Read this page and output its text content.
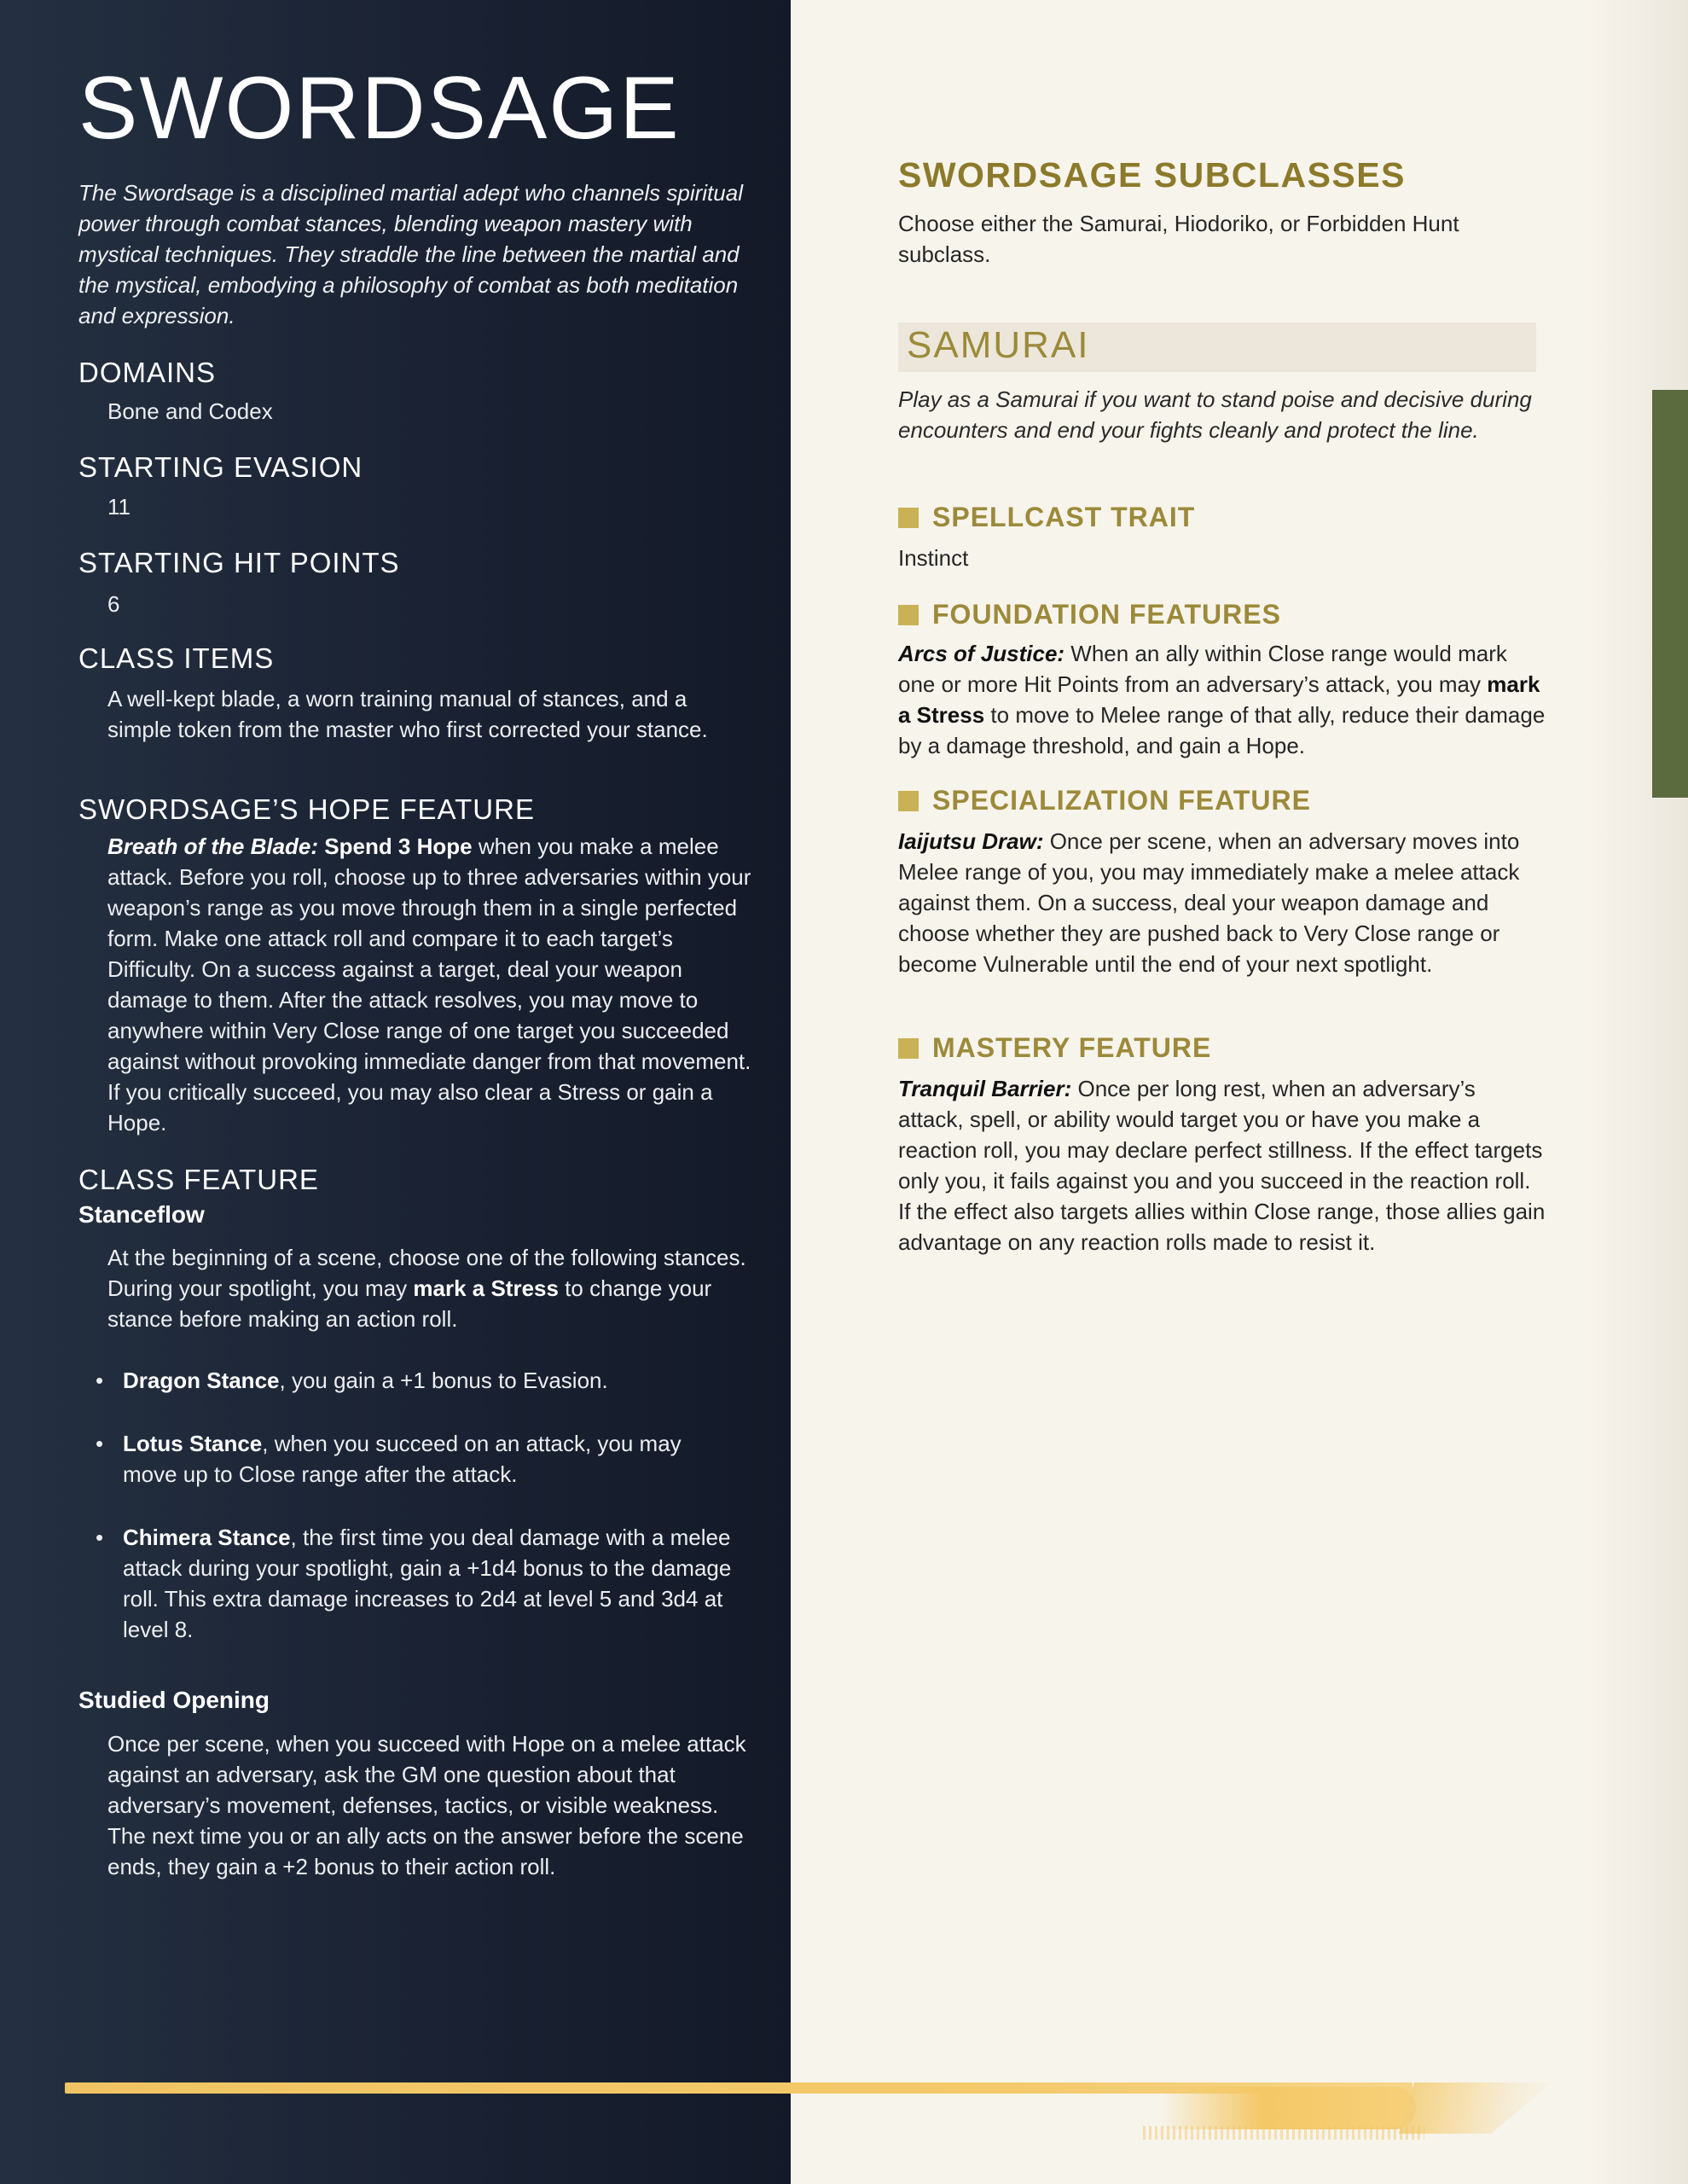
SWORDSAGE

The Swordsage is a disciplined martial adept who channels spiritual power through combat stances, blending weapon mastery with mystical techniques. They straddle the line between the martial and the mystical, embodying a philosophy of combat as both meditation and expression.

DOMAINS

Bone and Codex

STARTING EVASION

11

STARTING HIT POINTS

6

CLASS ITEMS

A well-kept blade, a worn training manual of stances, and a simple token from the master who first corrected your stance.

SWORDSAGE’S HOPE FEATURE

Breath of the Blade: Spend 3 Hope when you make a melee attack. Before you roll, choose up to three adversaries within your weapon’s range as you move through them in a single perfected form. Make one attack roll and compare it to each target’s Difficulty. On a success against a target, deal your weapon damage to them. After the attack resolves, you may move to anywhere within Very Close range of one target you succeeded against without provoking immediate danger from that movement. If you critically succeed, you may also clear a Stress or gain a Hope.

CLASS FEATURE
Stanceflow

At the beginning of a scene, choose one of the following stances. During your spotlight, you may mark a Stress to change your stance before making an action roll.

• Dragon Stance, you gain a +1 bonus to Evasion.
• Lotus Stance, when you succeed on an attack, you may move up to Close range after the attack.
• Chimera Stance, the first time you deal damage with a melee attack during your spotlight, gain a +1d4 bonus to the damage roll. This extra damage increases to 2d4 at level 5 and 3d4 at level 8.
Studied Opening

Once per scene, when you succeed with Hope on a melee attack against an adversary, ask the GM one question about that adversary’s movement, defenses, tactics, or visible weakness. The next time you or an ally acts on the answer before the scene ends, they gain a +2 bonus to their action roll.

SWORDSAGE SUBCLASSES

Choose either the Samurai, Hiodoriko, or Forbidden Hunt subclass.

SAMURAI

Play as a Samurai if you want to stand poise and decisive during encounters and end your fights cleanly and protect the line.

SPELLCAST TRAIT

Instinct

FOUNDATION FEATURES

Arcs of Justice: When an ally within Close range would mark one or more Hit Points from an adversary’s attack, you may mark a Stress to move to Melee range of that ally, reduce their damage by a damage threshold, and gain a Hope.

SPECIALIZATION FEATURE

Iaijutsu Draw: Once per scene, when an adversary moves into Melee range of you, you may immediately make a melee attack against them. On a success, deal your weapon damage and choose whether they are pushed back to Very Close range or become Vulnerable until the end of your next spotlight.

MASTERY FEATURE

Tranquil Barrier: Once per long rest, when an adversary’s attack, spell, or ability would target you or have you make a reaction roll, you may declare perfect stillness. If the effect targets only you, it fails against you and you succeed in the reaction roll. If the effect also targets allies within Close range, those allies gain advantage on any reaction rolls made to resist it.
